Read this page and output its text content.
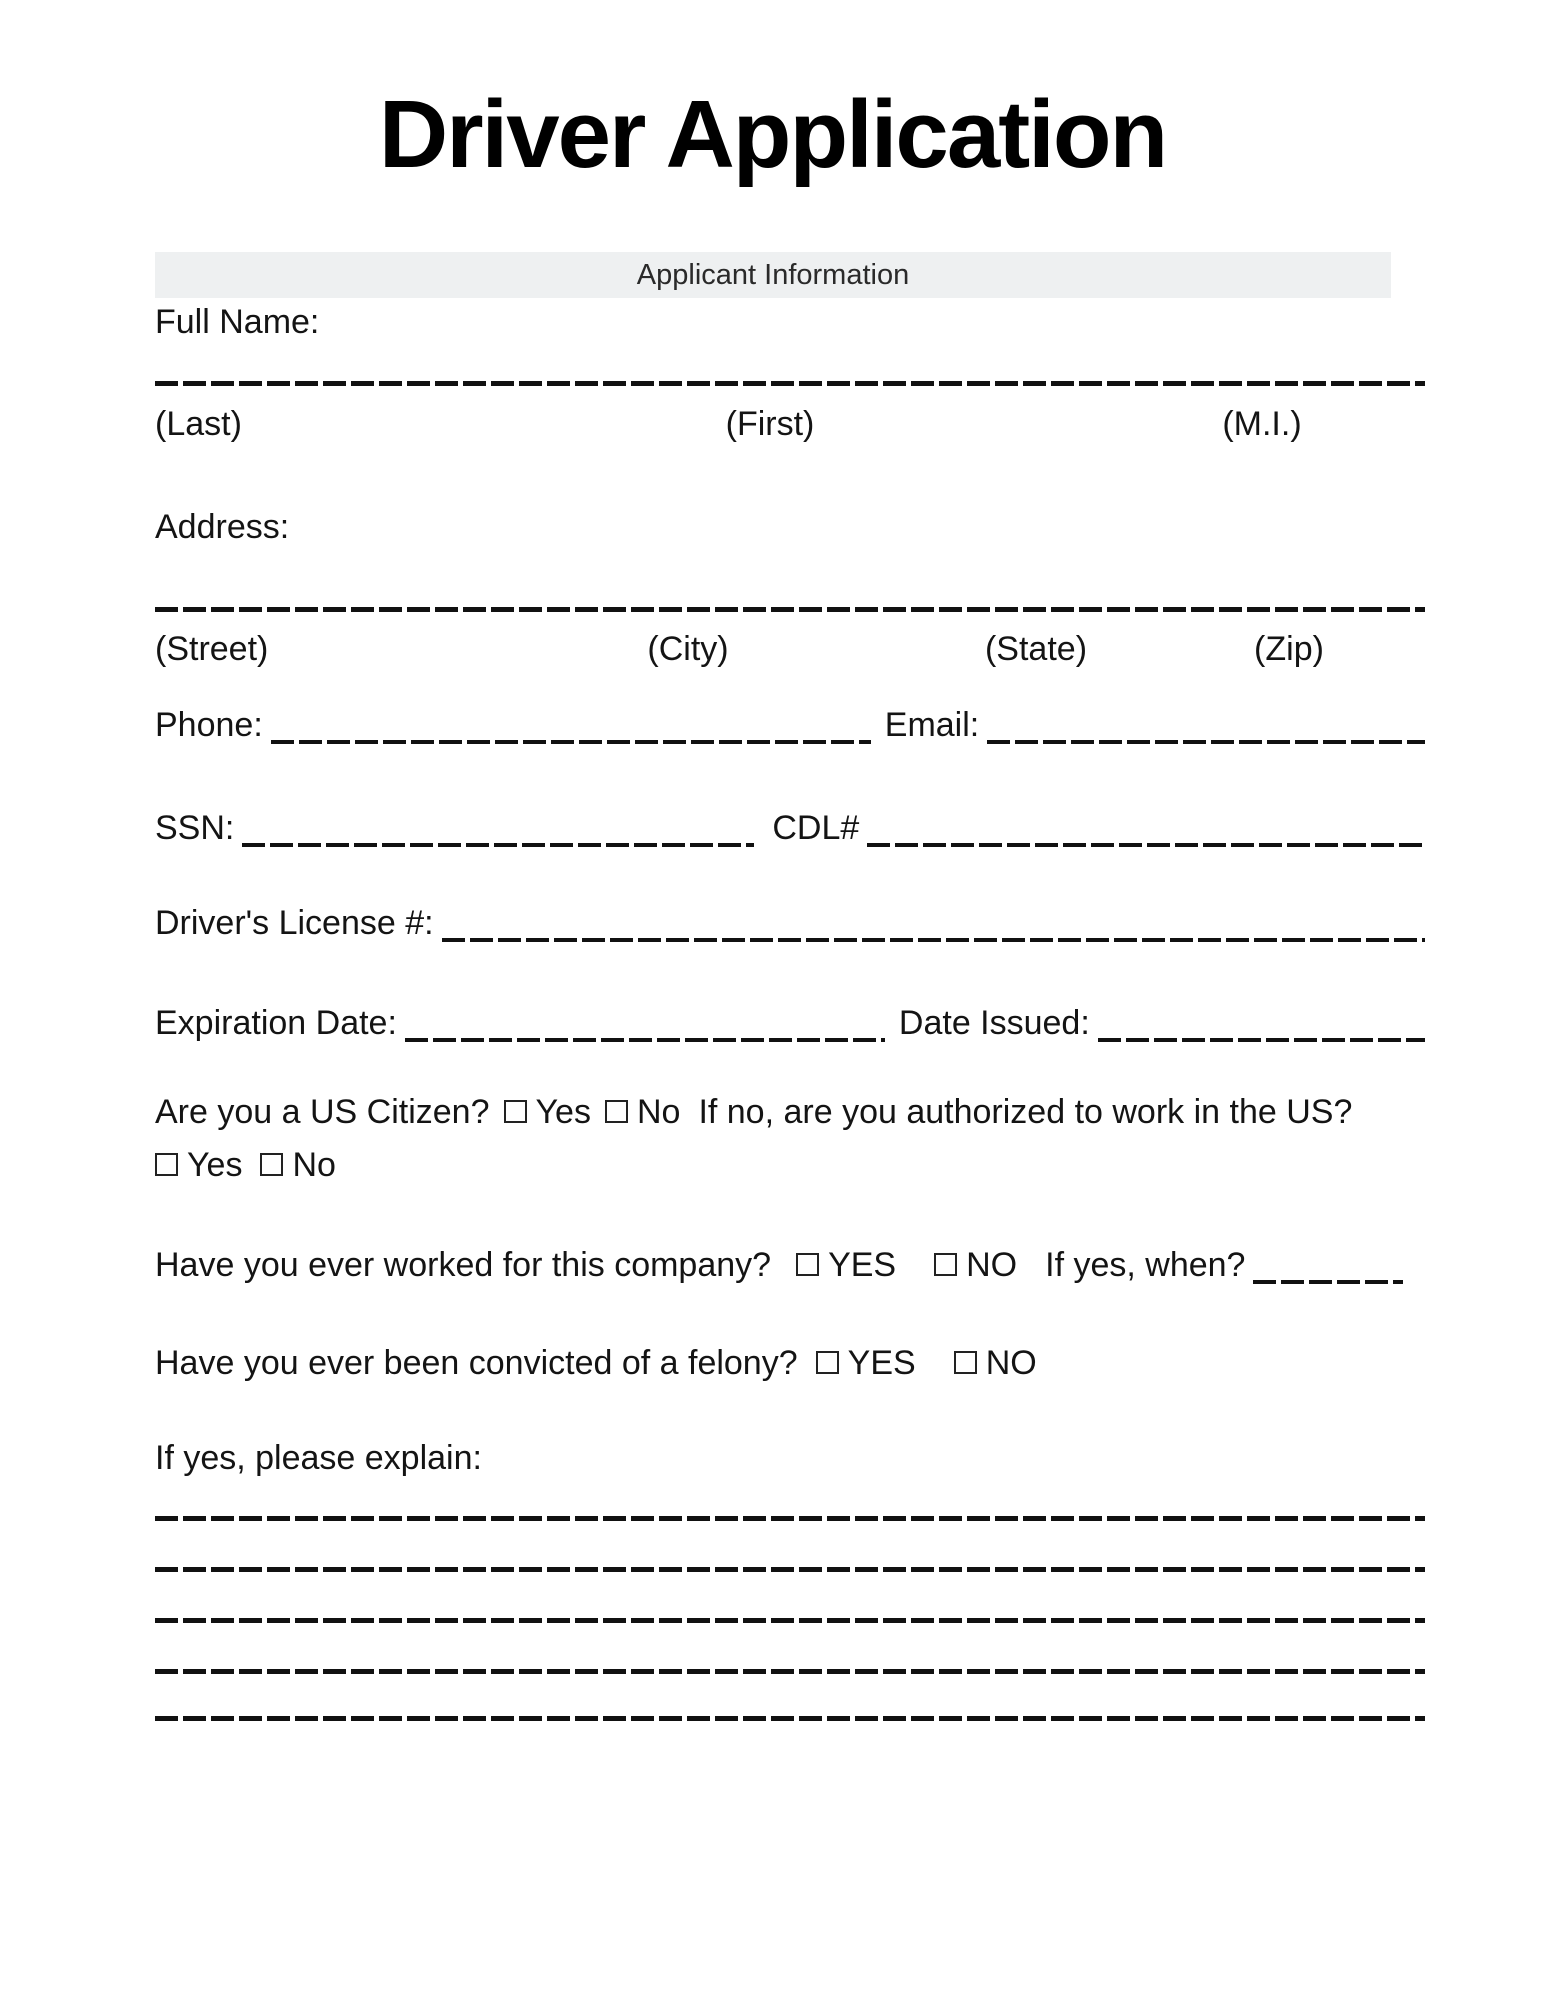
Driver Application
Applicant Information
Full Name:
(Last)	(First)	(M.I.)
Address:
(Street)	(City)	(State)	(Zip)
Phone:	Email:
SSN:	CDL#
Driver's License #:
Expiration Date:	Date Issued:
Are you a US Citizen? Yes No If no, are you authorized to work in the US?
Yes No
Have you ever worked for this company? YES NO If yes, when?
Have you ever been convicted of a felony? YES NO
If yes, please explain:
